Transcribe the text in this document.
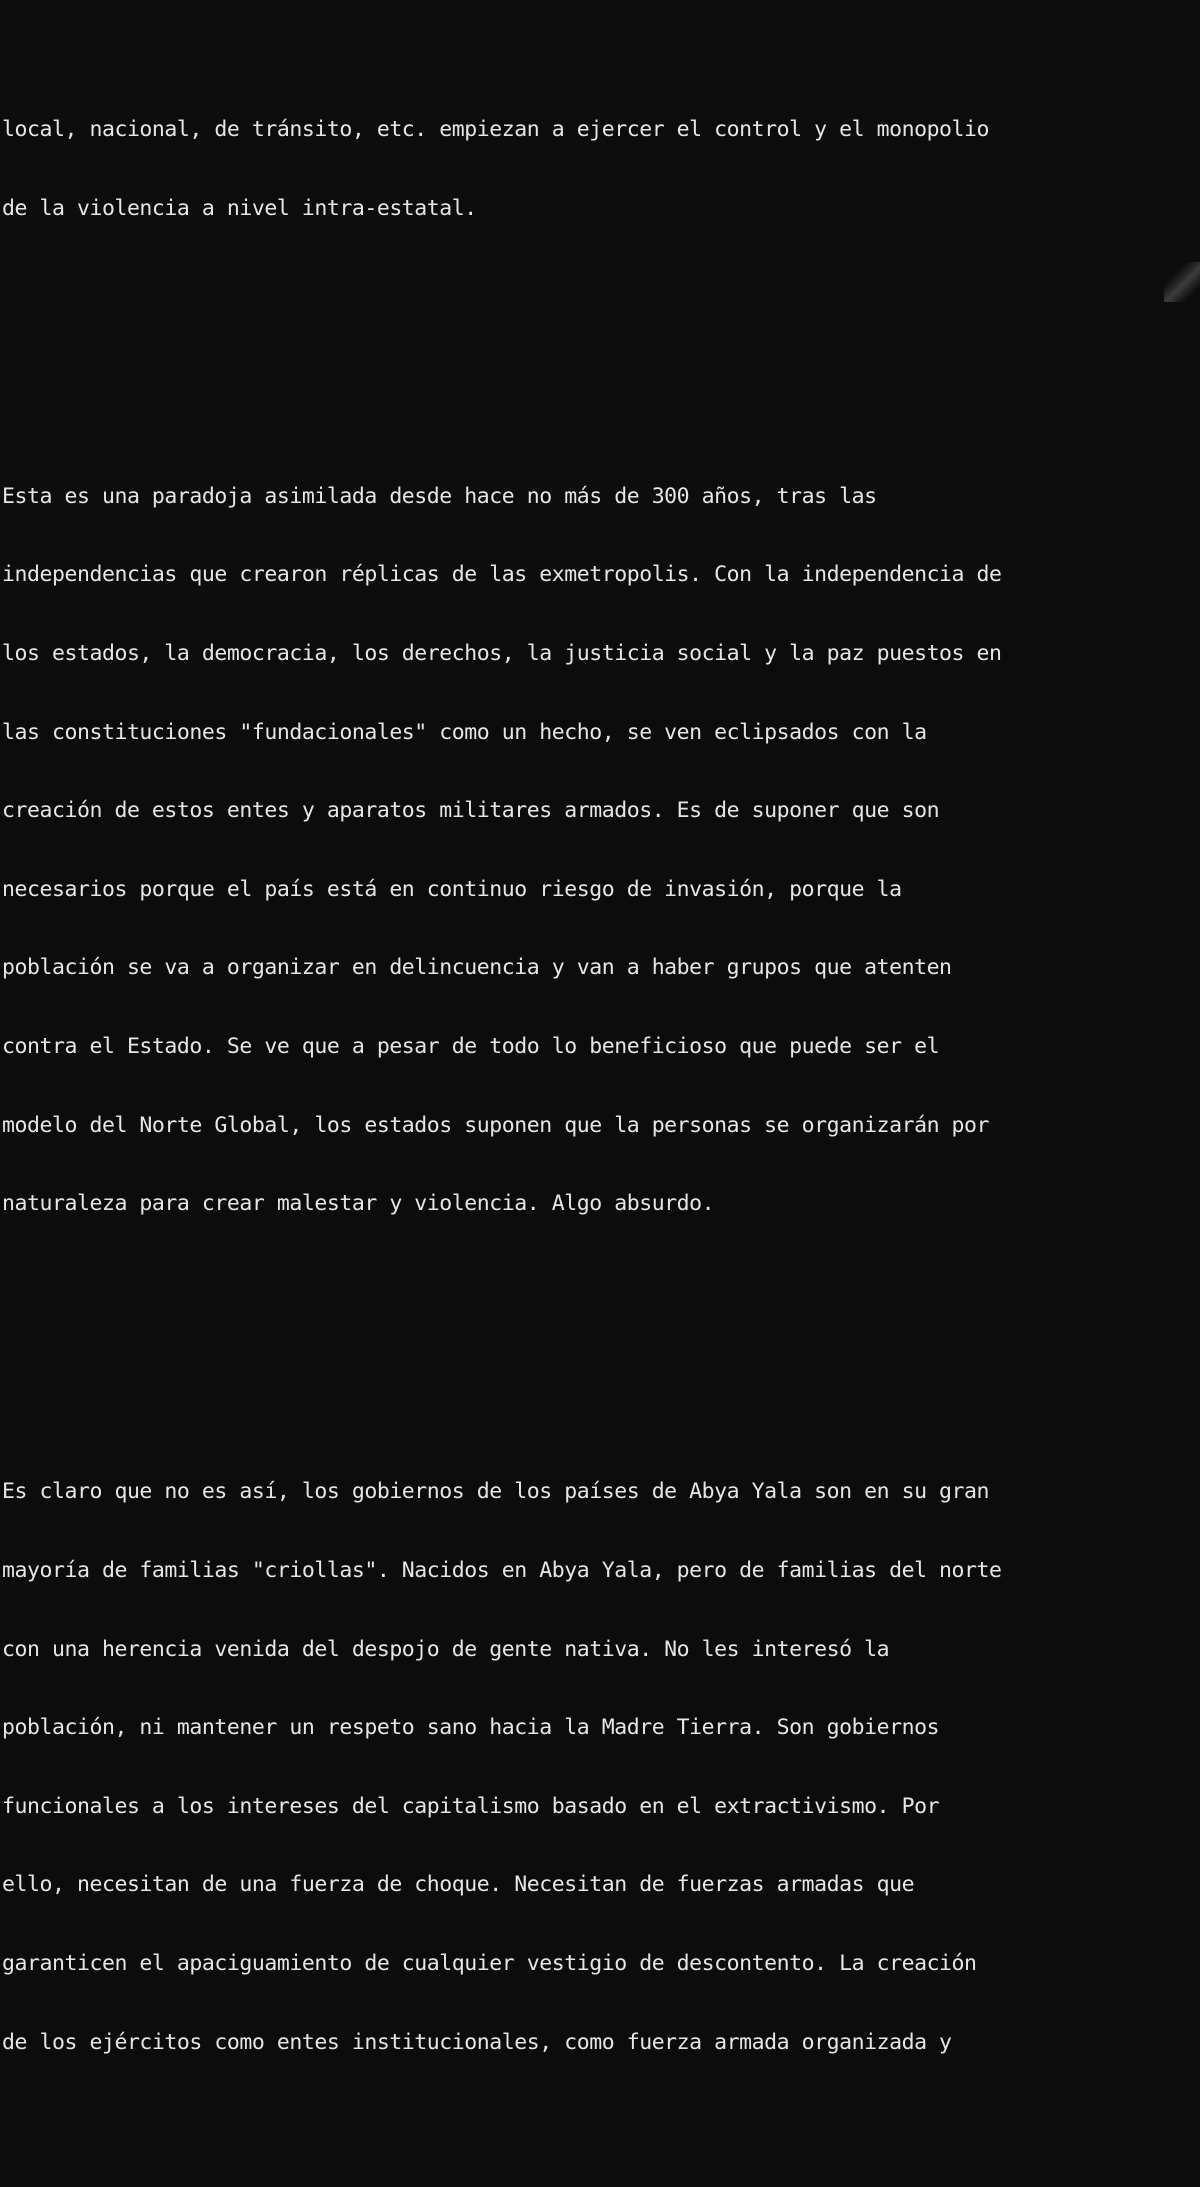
local, nacional, de tránsito, etc. empiezan a ejercer el control y el monopolio

de la violencia a nivel intra-estatal.

Esta es una paradoja asimilada desde hace no más de 300 años, tras las

independencias que crearon réplicas de las exmetropolis. Con la independencia de

los estados, la democracia, los derechos, la justicia social y la paz puestos en

las constituciones "fundacionales" como un hecho, se ven eclipsados con la

creación de estos entes y aparatos militares armados. Es de suponer que son

necesarios porque el país está en continuo riesgo de invasión, porque la

población se va a organizar en delincuencia y van a haber grupos que atenten

contra el Estado. Se ve que a pesar de todo lo beneficioso que puede ser el

modelo del Norte Global, los estados suponen que la personas se organizarán por

naturaleza para crear malestar y violencia. Algo absurdo.

Es claro que no es así, los gobiernos de los países de Abya Yala son en su gran

mayoría de familias "criollas". Nacidos en Abya Yala, pero de familias del norte

con una herencia venida del despojo de gente nativa. No les interesó la

población, ni mantener un respeto sano hacia la Madre Tierra. Son gobiernos

funcionales a los intereses del capitalismo basado en el extractivismo. Por

ello, necesitan de una fuerza de choque. Necesitan de fuerzas armadas que

garanticen el apaciguamiento de cualquier vestigio de descontento. La creación

de los ejércitos como entes institucionales, como fuerza armada organizada y
